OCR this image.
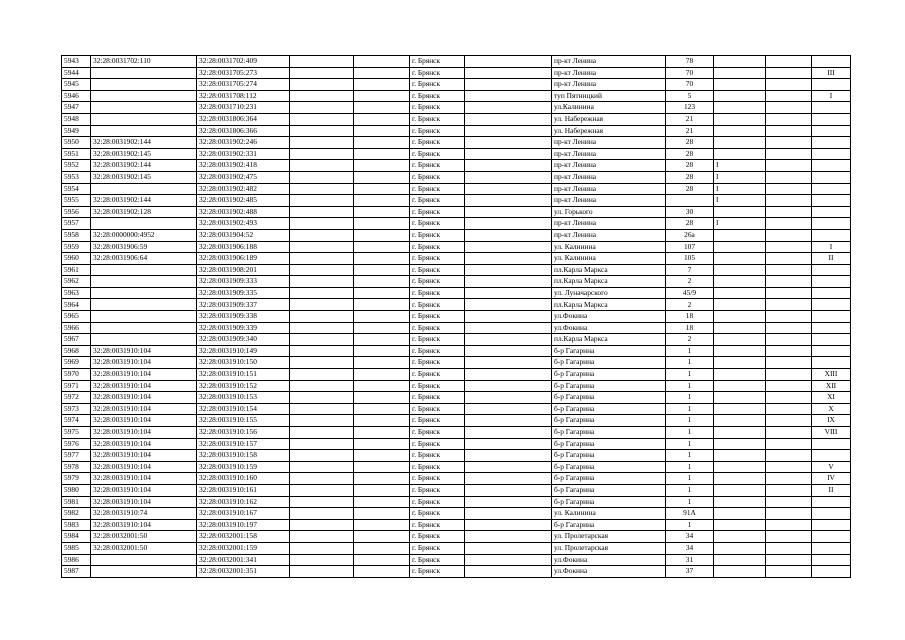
5943	32:28:0031702:110	32:28:0031702:409			г. Брянск		пр-кт Ленина	78			
5944		32:28:0031705:273			г. Брянск		пр-кт Ленина	70			III
5945		32:28:0031705:274			г. Брянск		пр-кт Ленина	70			
5946		32:28:0031708:112			г. Брянск		туп Пятницкий	5			I
5947		32:28:0031710:231			г. Брянск		ул.Калинина	123			
5948		32:28:0031806:364			г. Брянск		ул. Набережная	21			
5949		32:28:0031806:366			г. Брянск		ул. Набережная	21			
5950	32:28:0031902:144	32:28:0031902:246			г. Брянск		пр-кт Ленина	28			
5951	32:28:0031902:145	32:28:0031902:331			г. Брянск		пр-кт Ленина	28			
5952	32:28:0031902:144	32:28:0031902:418			г. Брянск		пр-кт Ленина	28	I		
5953	32:28:0031902:145	32:28:0031902:475			г. Брянск		пр-кт Ленина	28	I		
5954		32:28:0031902:482			г. Брянск		пр-кт Ленина	28	I		
5955	32:28:0031902:144	32:28:0031902:485			г. Брянск		пр-кт Ленина		I		
5956	32:28:0031902:128	32:28:0031902:488			г. Брянск		ул. Горького	30			
5957		32:28:0031902:493			г. Брянск		пр-кт Ленина	28	I		
5958	32:28:0000000:4952	32:28:0031904:52			г. Брянск		пр-кт Ленина	26а			
5959	32:28:0031906:59	32:28:0031906:188			г. Брянск		ул. Калинина	107			I
5960	32:28:0031906:64	32:28:0031906:189			г. Брянск		ул. Калинина	105			II
5961		32:28:0031908:201			г. Брянск		пл.Карла Маркса	7			
5962		32:28:0031909:333			г. Брянск		пл.Карла Маркса	2			
5963		32:28:0031909:335			г. Брянск		ул. Луначарского	45/9			
5964		32:28:0031909:337			г. Брянск		пл.Карла Маркса	2			
5965		32:28:0031909:338			г. Брянск		ул.Фокина	18			
5966		32:28:0031909:339			г. Брянск		ул.Фокина	18			
5967		32:28:0031909:340			г. Брянск		пл.Карла Маркса	2			
5968	32:28:0031910:104	32:28:0031910:149			г. Брянск		б-р Гагарина	1			
5969	32:28:0031910:104	32:28:0031910:150			г. Брянск		б-р Гагарина	1			
5970	32:28:0031910:104	32:28:0031910:151			г. Брянск		б-р Гагарина	1			XIII
5971	32:28:0031910:104	32:28:0031910:152			г. Брянск		б-р Гагарина	1			XII
5972	32:28:0031910:104	32:28:0031910:153			г. Брянск		б-р Гагарина	1			XI
5973	32:28:0031910:104	32:28:0031910:154			г. Брянск		б-р Гагарина	1			X
5974	32:28:0031910:104	32:28:0031910:155			г. Брянск		б-р Гагарина	1			IX
5975	32:28:0031910:104	32:28:0031910:156			г. Брянск		б-р Гагарина	1			VIII
5976	32:28:0031910:104	32:28:0031910:157			г. Брянск		б-р Гагарина	1			
5977	32:28:0031910:104	32:28:0031910:158			г. Брянск		б-р Гагарина	1			
5978	32:28:0031910:104	32:28:0031910:159			г. Брянск		б-р Гагарина	1			V
5979	32:28:0031910:104	32:28:0031910:160			г. Брянск		б-р Гагарина	1			IV
5980	32:28:0031910:104	32:28:0031910:161			г. Брянск		б-р Гагарина	1			II
5981	32:28:0031910:104	32:28:0031910:162			г. Брянск		б-р Гагарина	1			
5982	32:28:0031910:74	32:28:0031910:167			г. Брянск		ул. Калинина	91А			
5983	32:28:0031910:104	32:28:0031910:197			г. Брянск		б-р Гагарина	1			
5984	32:28:0032001:50	32:28:0032001:158			г. Брянск		ул. Пролетарская	34			
5985	32:28:0032001:50	32:28:0032001:159			г. Брянск		ул. Пролетарская	34			
5986		32:28:0032001:341			г. Брянск		ул.Фокина	31			
5987		32:28:0032001:351			г. Брянск		ул.Фокина	37			
